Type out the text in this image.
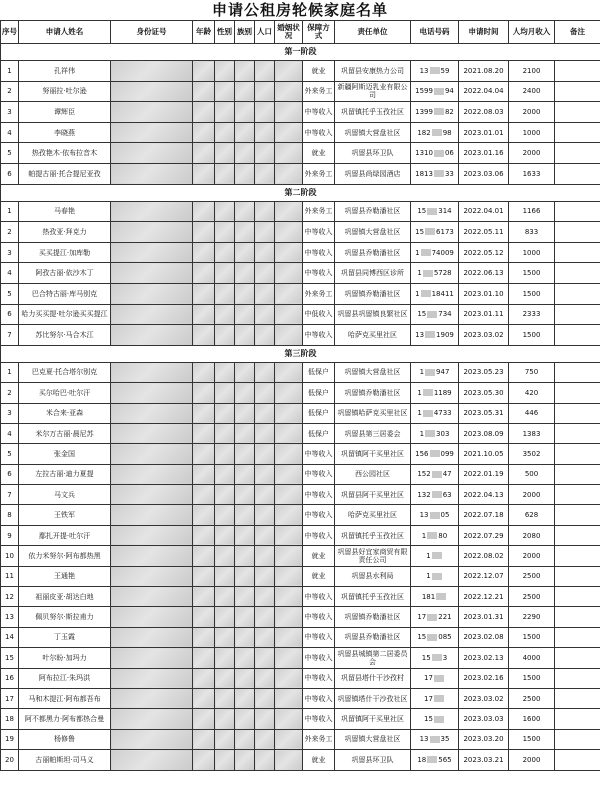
申请公租房轮候家庭名单
序号	申请人姓名	身份证号	年龄	性别	族别	人口	婚姻状况	保障方式	责任单位	电话号码	申请时间	人均月收入	备注
第一阶段													
1	孔祥伟							就业	巩留县安康热力公司	13 59	2021.08.20	2100	
2	努丽拉·吐尔逊							外来务工	新疆阿斯迈乳业有限公司	1599 94	2022.04.04	2400	
3	谭辉臣							中等收入	巩留镇托乎玉孜社区	1399 82	2022.08.03	2000	
4	李晓燕							中等收入	巩留镇大营盘社区	182 98	2023.01.01	1000	
5	热孜艳木·依布拉音木							就业	巩留县环卫队	1310 06	2023.01.16	2000	
6	帕提古丽·托合提尼亚孜							外来务工	巩留县尚绿园酒店	1813 33	2023.03.06	1633	
第二阶段													
1	马春艳							外来务工	巩留县乔勒潘社区	15 314	2022.04.01	1166	
2	热孜亚·拜克力							中等收入	巩留镇大营盘社区	15 6173	2022.05.11	833	
3	买买提江·加库勒							中等收入	巩留县乔勒潘社区	1 74009	2022.05.12	1000	
4	阿孜古丽·依沙木丁							中等收入	巩留县同博西区诊所	1 5728	2022.06.13	1500	
5	巴合特古丽·库马别克							外来务工	巩留镇乔勒潘社区	1 18411	2023.01.10	1500	
6	哈力买买提·吐尔逊买买提江							中低收入	巩留县巩留镇良繁社区	15 734	2023.01.11	2333	
7	苏比努尔·马合木江							中等收入	哈萨克买里社区	13 1909	2023.03.02	1500	
第三阶段													
1	巴克夏·托合塔尔别克							低保户	巩留镇大营盘社区	1 947	2023.05.23	750	
2	买尔哈巴·吐尔汗							低保户	巩留镇乔勒潘社区	1 1189	2023.05.30	420	
3	米合来·亚森							低保户	巩留镇哈萨克买里社区	1 4733	2023.05.31	446	
4	米尔万古丽·晨尼苏							低保户	巩留县第三居委会	1 303	2023.08.09	1383	
5	张金国							中等收入	巩留镇阿干买里社区	156 099	2021.10.05	3502	
6	左拉古丽·迪力夏提							中等收入	西公园社区	152 47	2022.01.19	500	
7	马文兵							中等收入	巩留县阿干买里社区	132 63	2022.04.13	2000	
8	王铁军							中等收入	哈萨克买里社区	13 05	2022.07.18	628	
9	鄢扎开提·吐尔汗							中等收入	巩留镇托乎玉孜社区	1 80	2022.07.29	2080	
10	依力米努尔·阿布都热黑							就业	巩留县好宜家商贸有限责任公司	1	2022.08.02	2000	
11	王通艳							就业	巩留县水利局	1	2022.12.07	2500	
12	祖丽皮亚·胡达白地							中等收入	巩留镇托乎玉孜社区	181	2022.12.21	2500	
13	佩贝努尔·斯拉甫力							中等收入	巩留镇乔勒潘社区	17 221	2023.01.31	2290	
14	丁玉霞							中等收入	巩留县乔勒潘社区	15 085	2023.02.08	1500	
15	叶尔盼·加玛力							中等收入	巩留县城镇第二居委员会	15 3	2023.02.13	4000	
16	阿布拉江·朱玛洪							中等收入	巩留县塔什干沙孜村	17	2023.02.16	1500	
17	马和木提江·阿布都吾布							中等收入	巩留镇塔什干沙孜社区	17	2023.03.02	2500	
18	阿不都黑力·阿布都热合曼							中等收入	巩留镇阿干买里社区	15	2023.03.03	1600	
19	杨修鲁							外来务工	巩留镇大营盘社区	13 35	2023.03.20	1500	
20	古丽帕斯坦·司马义							就业	巩留县环卫队	18 565	2023.03.21	2000	
